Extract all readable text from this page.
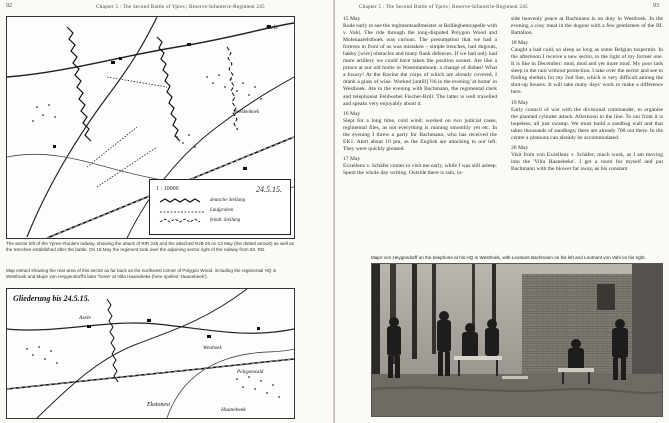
92	Chapter 5 : The Second Battle of Ypres | Reserve-Infanterie-Regiment 245
Azele
Weeldenhoek
1 : 10000	24.5.15.
deutsche Stellung
Laufgraben
feindl. Stellung
The sector left of the Ypres–Roulers railway, showing the attack of RIR 245 and the attached RJB 26 on 13 May (the dotted arrows) as well as the trenches established after the battle. On 18 May the regiment took over the adjoining sector right of the railway from 53. RD.
Map extract showing the rear area of this sector as far back as the northwest corner of Polygon Wood, including the regimental HQ in Westhoek and Major von Heygendorff's later 'home' at Villa Haanebeke (here spelled 'Haanebeek').
Gliederung bis 24.5.15.
Azele
Ekstonest
Westhoek
Haanebeek
Polygonwald
Chapter 5 : The Second Battle of Ypres | Reserve-Infanterie-Regiment 245	93

15 May

Rode early to see the regimentsadlmeister at Rollleghemcapelle with v. Vahl. The ride through the long-disputed Polygon Wood and Molenaarelsthoek was curious. The presumption that we had a fortress in front of us was mistaken – simple trenches, bad dugouts, hakky [wire] obstacles and many flank defences. If we had only had more artillery we could have taken the position sooner. Ate like a prince at our old home in Waestdamhoek: a change of dishes! What a luxury! At the Ravine the corps of which are already covered, I drank a glass of wine. Worked [untill] ½6 in the evening 'at home' in Westhoek. Ate in the evening with Bachmann, the regimental clerk and telephonist Feldwebel Fischer-Brill. The latter is well travelled and speaks very enjoyably about it.

16 May

Slept for a long time, cold wind; worked on two judicial cases, regimental files, as not everything is running smoothly yet etc. In the evening I threw a party for Bachmann, who has received the EK1. Alert about 10 pm, as the English are attacking to our left. They were quickly greased.

17 May

Exzellenz v. Schäfer comes to visit me early, while I was still asleep. Spent the whole day writing. Outside there is rain, in-

side heavenly peace at Bachmann is on duty in Westhoek. In the evening a cosy meal in the dugout with a few gentlemen of the III. Battalion.

18 May

Caught a bad cold, so sleep as long as some Belgian taxpermit. In the afternoon I receive a new sector, to the right of my former one. It is like in December: mud, mud and yet more mud. My poor lads sleep in the rain without protection. I take over the sector and see to finding shelters for my 2nd line, which is very difficult among the shot-up houses. It will take many days' work to make a difference here.

19 May

Early council of war with the divisional commander, to organise the planned cylinder attack. Afternoon in the line. To our front it is hopeless, all just swamp. We must build a sandbag wall and that takes thousands of sandbags; there are already 700 out there. In the centre a platoons can already be accommodated.

20 May

Visit from von Exzellenz v. Schäfer; much work, as I am moving into the 'Villa Haanebeke'. I get a room for myself and put Bachmann with the blower far away, as his constant

Major von Heygendorff on the telephone at his HQ in Westhoek, with Leutnant Bachmann on his left and Leutnant von Vahl on his right.
